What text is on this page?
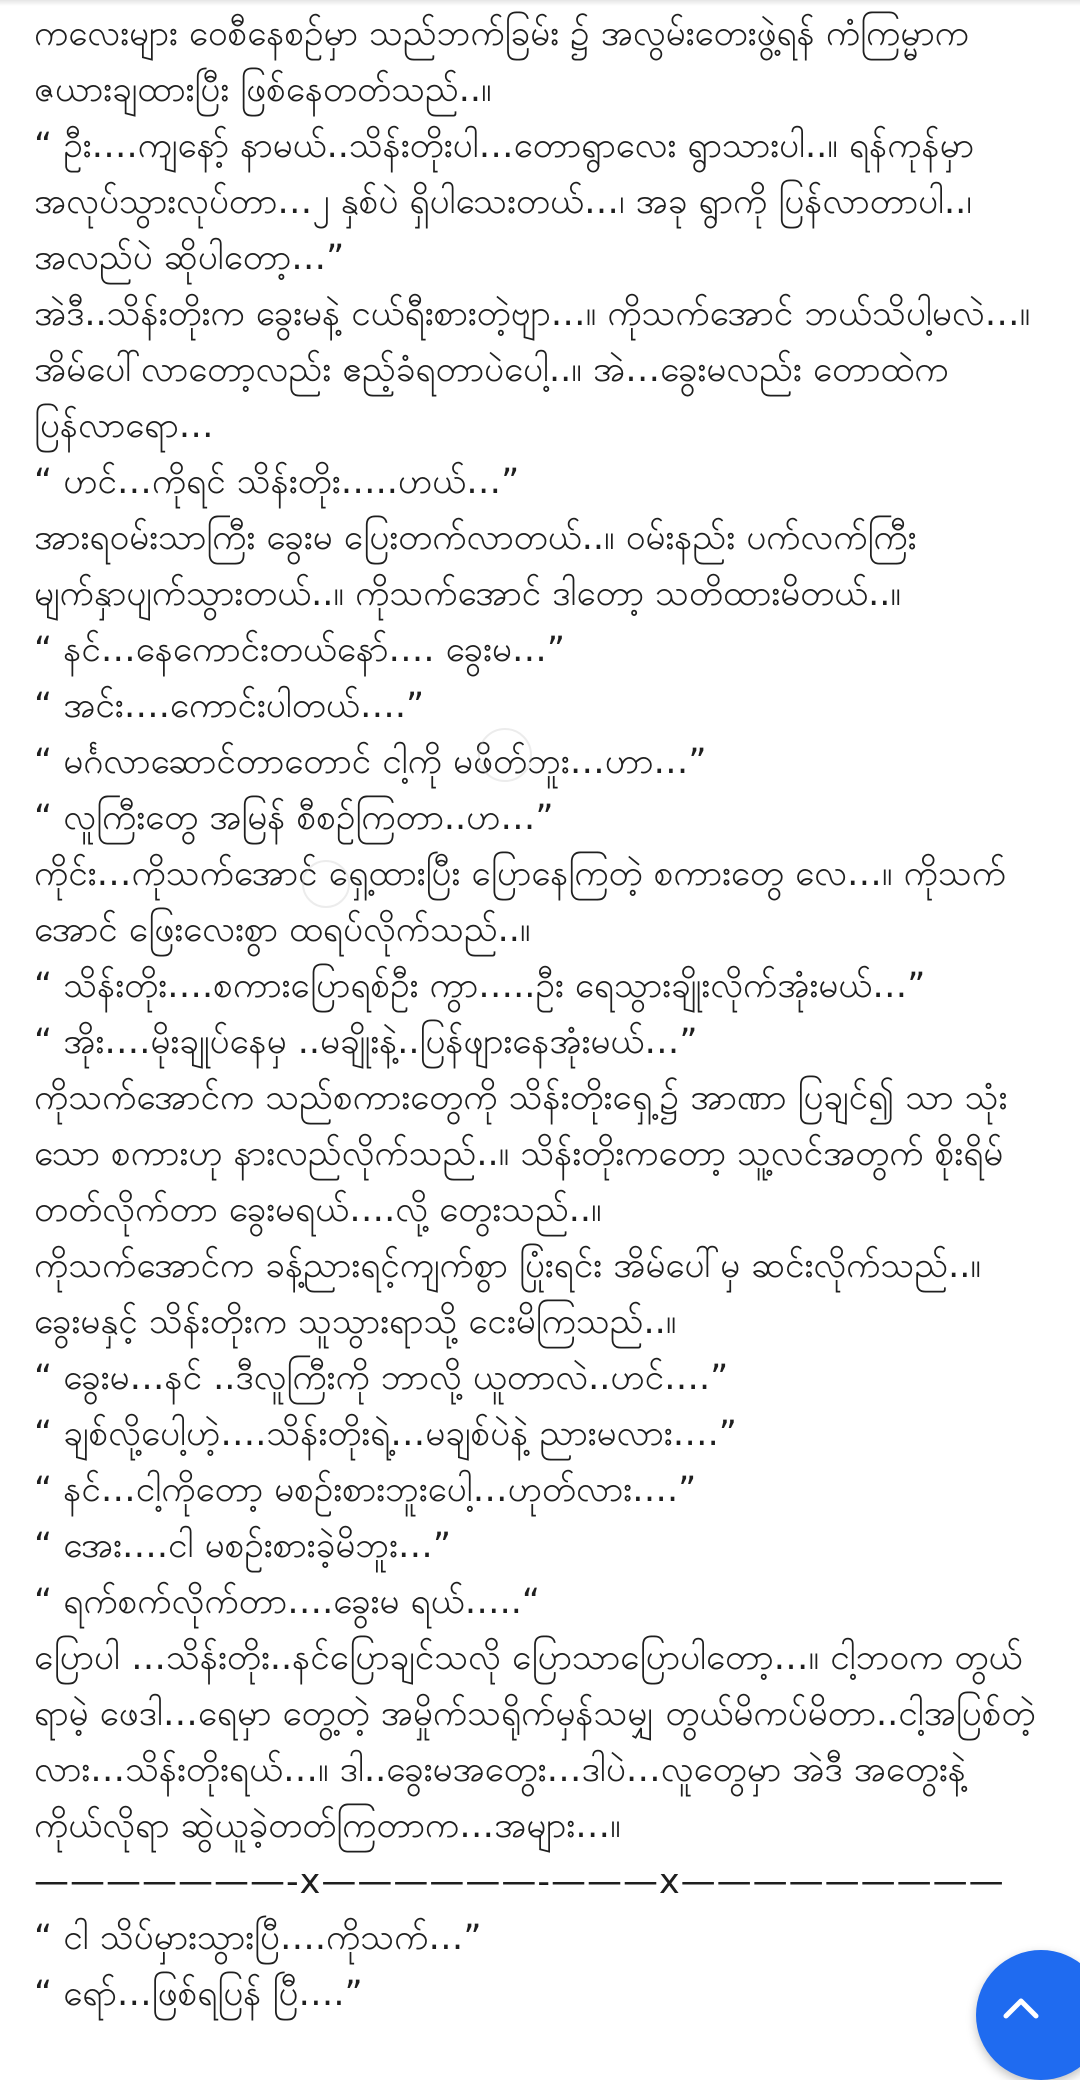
ကလေးများ ဝေစီနေစဉ်မှာ သည်ဘက်ခြမ်း ၌ အလွမ်းတေးဖွဲ့ရန် ကံကြမ္မာက ဇယားချထားပြီး ဖြစ်နေတတ်သည်..။

“ ဦး….ကျနော့် နာမယ်..သိန်းတိုးပါ…တောရွာလေး ရွာသားပါ..။ ရန်ကုန်မှာ အလုပ်သွားလုပ်တာ…၂ နှစ်ပဲ ရှိပါသေးတယ်…၊ အခု ရွာကို ပြန်လာတာပါ..၊ အလည်ပဲ ဆိုပါတော့…”

အဲဒီ..သိန်းတိုးက ခွေးမနဲ့ ငယ်ရီးစားတဲ့ဗျာ…။ ကိုသက်အောင် ဘယ်သိပါ့မလဲ…။ အိမ်ပေါ်လာတော့လည်း ဧည့်ခံရတာပဲပေါ့..။ အဲ…ခွေးမလည်း တောထဲက ပြန်လာရော…

“ ဟင်…ကိုရင် သိန်းတိုး…..ဟယ်…”

အားရဝမ်းသာကြီး ခွေးမ ပြေးတက်လာတယ်..။ ဝမ်းနည်း ပက်လက်ကြီး မျက်နှာပျက်သွားတယ်..။ ကိုသက်အောင် ဒါတော့ သတိထားမိတယ်..။

“ နင်…နေကောင်းတယ်နော်…. ခွေးမ…”

“ အင်း….ကောင်းပါတယ်….”

“ မင်္ဂလာဆောင်တာတောင် ငါ့ကို မဖိတ်ဘူး…ဟာ…”

“ လူကြီးတွေ အမြန် စီစဉ်ကြတာ..ဟ…”

ကိုင်း…ကိုသက်အောင် ရှေ့ထားပြီး ပြောနေကြတဲ့ စကားတွေ လေ…။ ကိုသက်အောင် ဖြေးလေးစွာ ထရပ်လိုက်သည်..။

“ သိန်းတိုး….စကားပြောရစ်ဦး ကွာ…..ဦး ရေသွားချိုးလိုက်အုံးမယ်…”

“ အိုး….မိုးချုပ်နေမှ ..မချိုးနဲ့..ပြန်ဖျားနေအုံးမယ်…”

ကိုသက်အောင်က သည်စကားတွေကို သိန်းတိုးရှေ့၌ အာဏာ ပြချင်၍ သာ သုံးသော စကားဟု နားလည်လိုက်သည်..။ သိန်းတိုးကတော့ သူ့လင်အတွက် စိုးရိမ်တတ်လိုက်တာ ခွေးမရယ်….လို့ တွေးသည်..။

ကိုသက်အောင်က ခန့်ညားရင့်ကျက်စွာ ပြုံးရင်း အိမ်ပေါ်မှ ဆင်းလိုက်သည်..။ ခွေးမနှင့် သိန်းတိုးက သူသွားရာသို့ ငေးမိကြသည်..။

“ ခွေးမ…နင် ..ဒီလူကြီးကို ဘာလို့ ယူတာလဲ..ဟင်….”

“ ချစ်လို့ပေါ့ဟဲ့….သိန်းတိုးရဲ့…မချစ်ပဲနဲ့ ညားမလား….”

“ နင်…ငါ့ကိုတော့ မစဉ်းစားဘူးပေါ့…ဟုတ်လား….”

“ အေး….ငါ မစဉ်းစားခဲ့မိဘူး…”

“ ရက်စက်လိုက်တာ….ခွေးမ ရယ်…..“

ပြောပါ …သိန်းတိုး..နင်ပြောချင်သလို ပြောသာပြောပါတော့…။ ငါ့ဘဝက တွယ်ရာမဲ့ ဖေဒါ…ရေမှာ တွေ့တဲ့ အမှိုက်သရိုက်မှန်သမျှ တွယ်မိကပ်မိတာ..ငါ့အပြစ်တဲ့လား…သိန်းတိုးရယ်…။ ဒါ..ခွေးမအတွေး…ဒါပဲ…လူတွေမှာ အဲဒီ အတွေးနဲ့ ကိုယ်လိုရာ ဆွဲယူခဲ့တတ်ကြတာက…အများ…။

———————-x——————-———x—————————

“ ငါ သိပ်မှားသွားပြီ….ကိုသက်…”

“ ရော်…ဖြစ်ရပြန် ပြီ….”
